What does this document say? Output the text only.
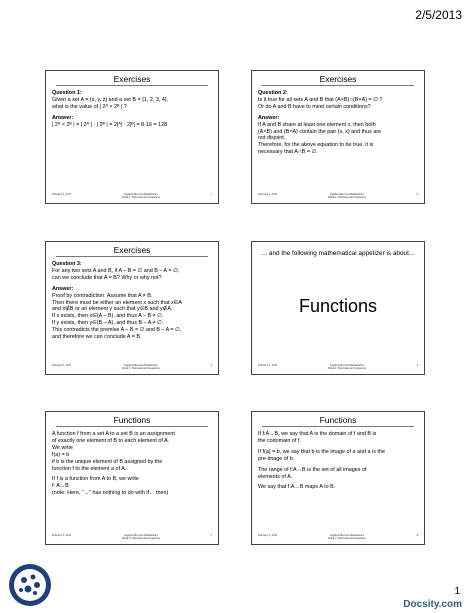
2/5/2013
Exercises
Question 1:

Given a set A = {x, y, z} and a set B = {1, 2, 3, 4},

what is the value of | 2ᴬ × 2ᴮ | ?

Answer:

| 2ᴬ × 2ᴮ | = | 2ᴬ | · | 2ᴮ | = 2|ᴬ| · 2|ᴮ| = 8·16 = 128

February 5, 2013	Applied Discrete Mathematics
Week 2: Functions and Sequences
1
Exercises
Question 2:

Is it true for all sets A and B that (A×B)∩(B×A) = ∅ ?

Or do A and B have to meet certain conditions?

Answer:

If A and B share at least one element x, then both

(A×B) and (B×A) contain the pair (x, x) and thus are

not disjoint.

Therefore, for the above equation to be true, it is

necessary that A∩B = ∅.

February 5, 2013	Applied Discrete Mathematics
Week 2: Functions and Sequences
2
Exercises
Question 3:

For any two sets A and B, if A – B = ∅ and B – A = ∅,

can we conclude that A = B? Why or why not?

Answer:

Proof by contradiction: Assume that A ≠ B.

Then there must be either an element x such that x∈A

and x∉B or an element y such that y∈B and y∉A.

If x exists, then x∈(A – B), and thus A – B ≠ ∅.

If y exists, then y∈(B – A), and thus B – A ≠ ∅.

This contradicts the premise A – B = ∅ and B – A = ∅,

and therefore we can conclude A = B.

February 5, 2013	Applied Discrete Mathematics
Week 2: Functions and Sequences
3
… and the following mathematical appetizer is about…
Functions
February 5, 2013	Applied Discrete Mathematics
Week 2: Functions and Sequences
4
Functions

A function f from a set A to a set B is an assignment

of exactly one element of B to each element of A.

We write

f(a) = b

if b is the unique element of B assigned by the

function f to the element a of A.

If f is a function from A to B, we write

f: A→B

(note: Here, “→” has nothing to do with if… then)

February 5, 2013	Applied Discrete Mathematics
Week 2: Functions and Sequences
5
Functions

If f:A→B, we say that A is the domain of f and B is

the codomain of f.

If f(a) = b, we say that b is the image of a and a is the

pre-image of b.

The range of f:A→B is the set of all images of

elements of A.

We say that f:A→B maps A to B.

February 5, 2013	Applied Discrete Mathematics
Week 2: Functions and Sequences
6
1
Docsity.com
